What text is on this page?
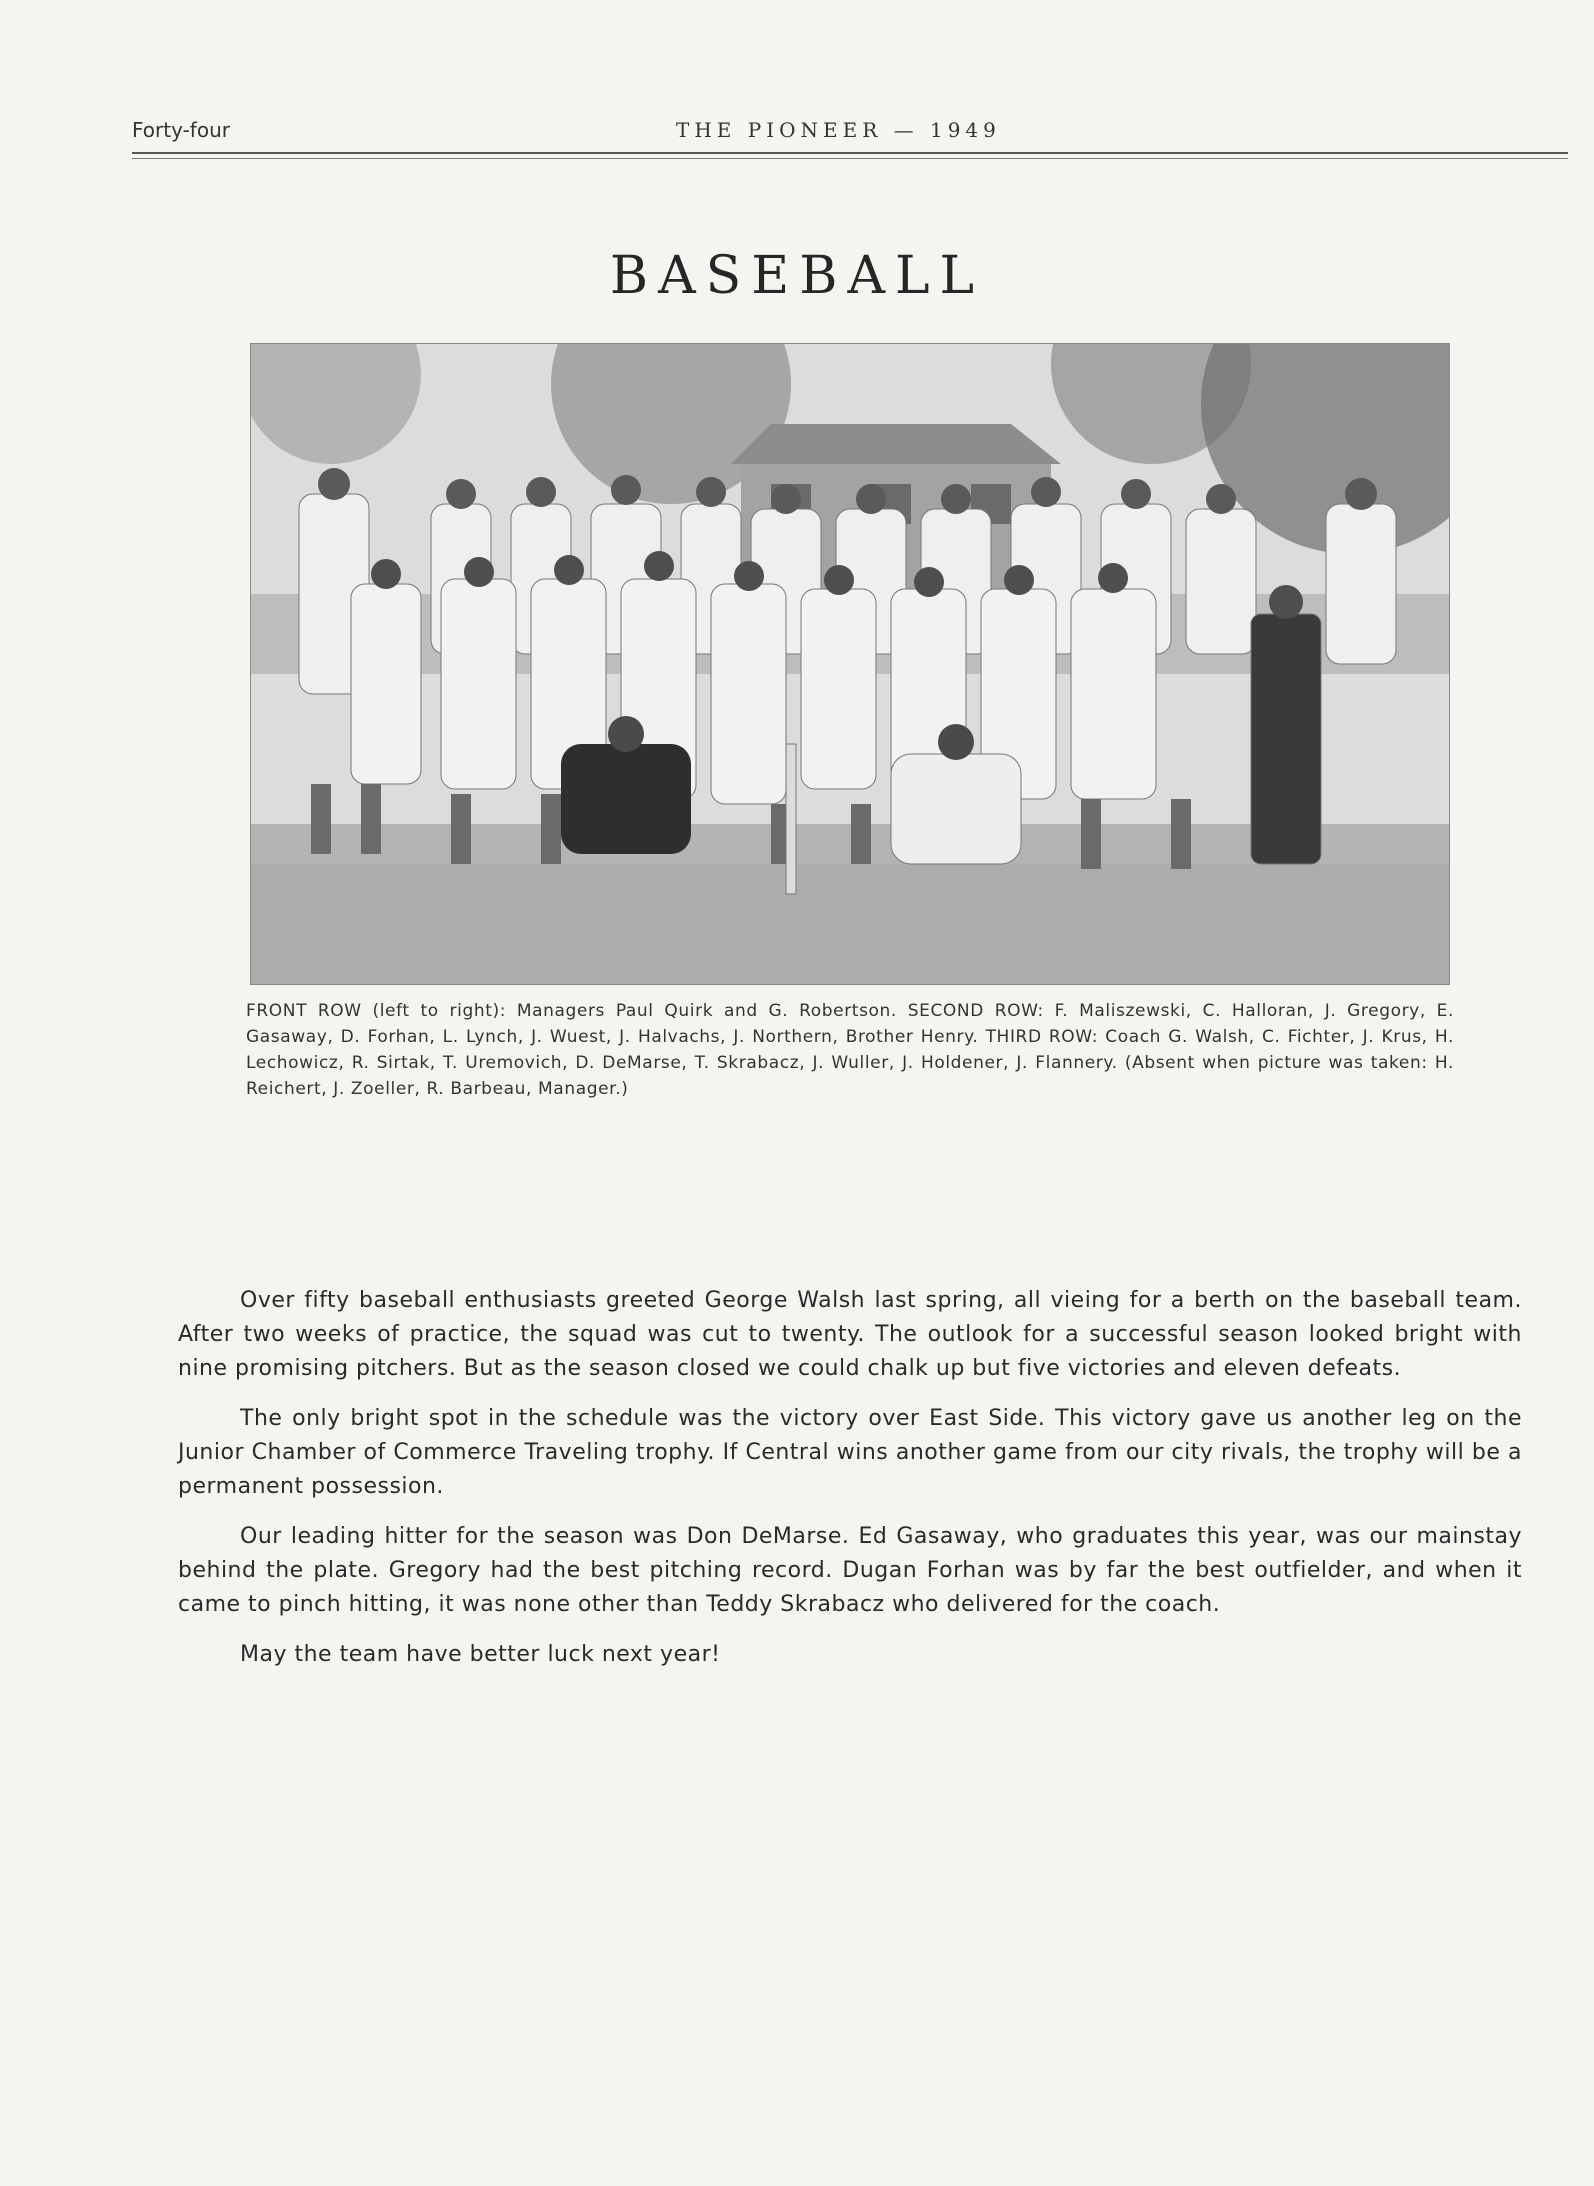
Forty-four	THE PIONEER — 1949
BASEBALL
FRONT ROW (left to right): Managers Paul Quirk and G. Robertson. SECOND ROW: F. Maliszewski, C. Halloran, J. Gregory, E. Gasaway, D. Forhan, L. Lynch, J. Wuest, J. Halvachs, J. Northern, Brother Henry. THIRD ROW: Coach G. Walsh, C. Fichter, J. Krus, H. Lechowicz, R. Sirtak, T. Uremovich, D. DeMarse, T. Skrabacz, J. Wuller, J. Holdener, J. Flannery. (Absent when picture was taken: H. Reichert, J. Zoeller, R. Barbeau, Manager.)

Over fifty baseball enthusiasts greeted George Walsh last spring, all vieing for a berth on the baseball team. After two weeks of practice, the squad was cut to twenty. The outlook for a successful season looked bright with nine promising pitchers. But as the season closed we could chalk up but five victories and eleven defeats.

The only bright spot in the schedule was the victory over East Side. This victory gave us another leg on the Junior Chamber of Commerce Traveling trophy. If Central wins another game from our city rivals, the trophy will be a permanent possession.

Our leading hitter for the season was Don DeMarse. Ed Gasaway, who graduates this year, was our mainstay behind the plate. Gregory had the best pitching record. Dugan Forhan was by far the best outfielder, and when it came to pinch hitting, it was none other than Teddy Skrabacz who delivered for the coach.

May the team have better luck next year!
